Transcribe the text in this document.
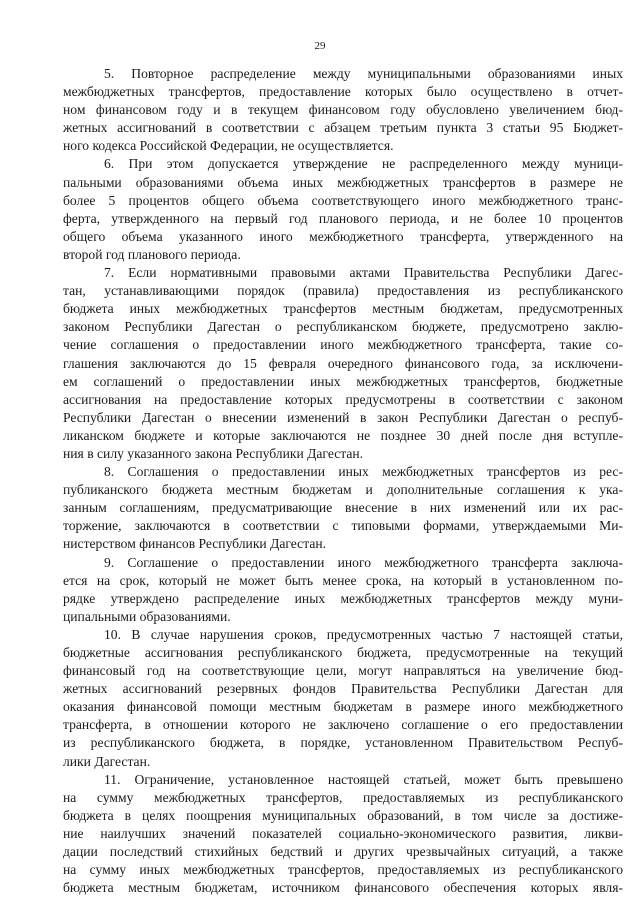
29
5. Повторное распределение между муниципальными образованиями иных
межбюджетных трансфертов, предоставление которых было осуществлено в отчет-
ном финансовом году и в текущем финансовом году обусловлено увеличением бюд-
жетных ассигнований в соответствии с абзацем третьим пункта 3 статьи 95 Бюджет-
ного кодекса Российской Федерации, не осуществляется.
6. При этом допускается утверждение не распределенного между муници-
пальными образованиями объема иных межбюджетных трансфертов в размере не
более 5 процентов общего объема соответствующего иного межбюджетного транс-
ферта, утвержденного на первый год планового периода, и не более 10 процентов
общего объема указанного иного межбюджетного трансферта, утвержденного на
второй год планового периода.
7. Если нормативными правовыми актами Правительства Республики Дагес-
тан, устанавливающими порядок (правила) предоставления из республиканского
бюджета иных межбюджетных трансфертов местным бюджетам, предусмотренных
законом Республики Дагестан о республиканском бюджете, предусмотрено заклю-
чение соглашения о предоставлении иного межбюджетного трансферта, такие со-
глашения заключаются до 15 февраля очередного финансового года, за исключени-
ем соглашений о предоставлении иных межбюджетных трансфертов, бюджетные
ассигнования на предоставление которых предусмотрены в соответствии с законом
Республики Дагестан о внесении изменений в закон Республики Дагестан о респуб-
ликанском бюджете и которые заключаются не позднее 30 дней после дня вступле-
ния в силу указанного закона Республики Дагестан.
8. Соглашения о предоставлении иных межбюджетных трансфертов из рес-
публиканского бюджета местным бюджетам и дополнительные соглашения к ука-
занным соглашениям, предусматривающие внесение в них изменений или их рас-
торжение, заключаются в соответствии с типовыми формами, утверждаемыми Ми-
нистерством финансов Республики Дагестан.
9. Соглашение о предоставлении иного межбюджетного трансферта заключа-
ется на срок, который не может быть менее срока, на который в установленном по-
рядке утверждено распределение иных межбюджетных трансфертов между муни-
ципальными образованиями.
10. В случае нарушения сроков, предусмотренных частью 7 настоящей статьи,
бюджетные ассигнования республиканского бюджета, предусмотренные на текущий
финансовый год на соответствующие цели, могут направляться на увеличение бюд-
жетных ассигнований резервных фондов Правительства Республики Дагестан для
оказания финансовой помощи местным бюджетам в размере иного межбюджетного
трансферта, в отношении которого не заключено соглашение о его предоставлении
из республиканского бюджета, в порядке, установленном Правительством Респуб-
лики Дагестан.
11. Ограничение, установленное настоящей статьей, может быть превышено
на сумму межбюджетных трансфертов, предоставляемых из республиканского
бюджета в целях поощрения муниципальных образований, в том числе за достиже-
ние наилучших значений показателей социально-экономического развития, ликви-
дации последствий стихийных бедствий и других чрезвычайных ситуаций, а также
на сумму иных межбюджетных трансфертов, предоставляемых из республиканского
бюджета местным бюджетам, источником финансового обеспечения которых явля-
